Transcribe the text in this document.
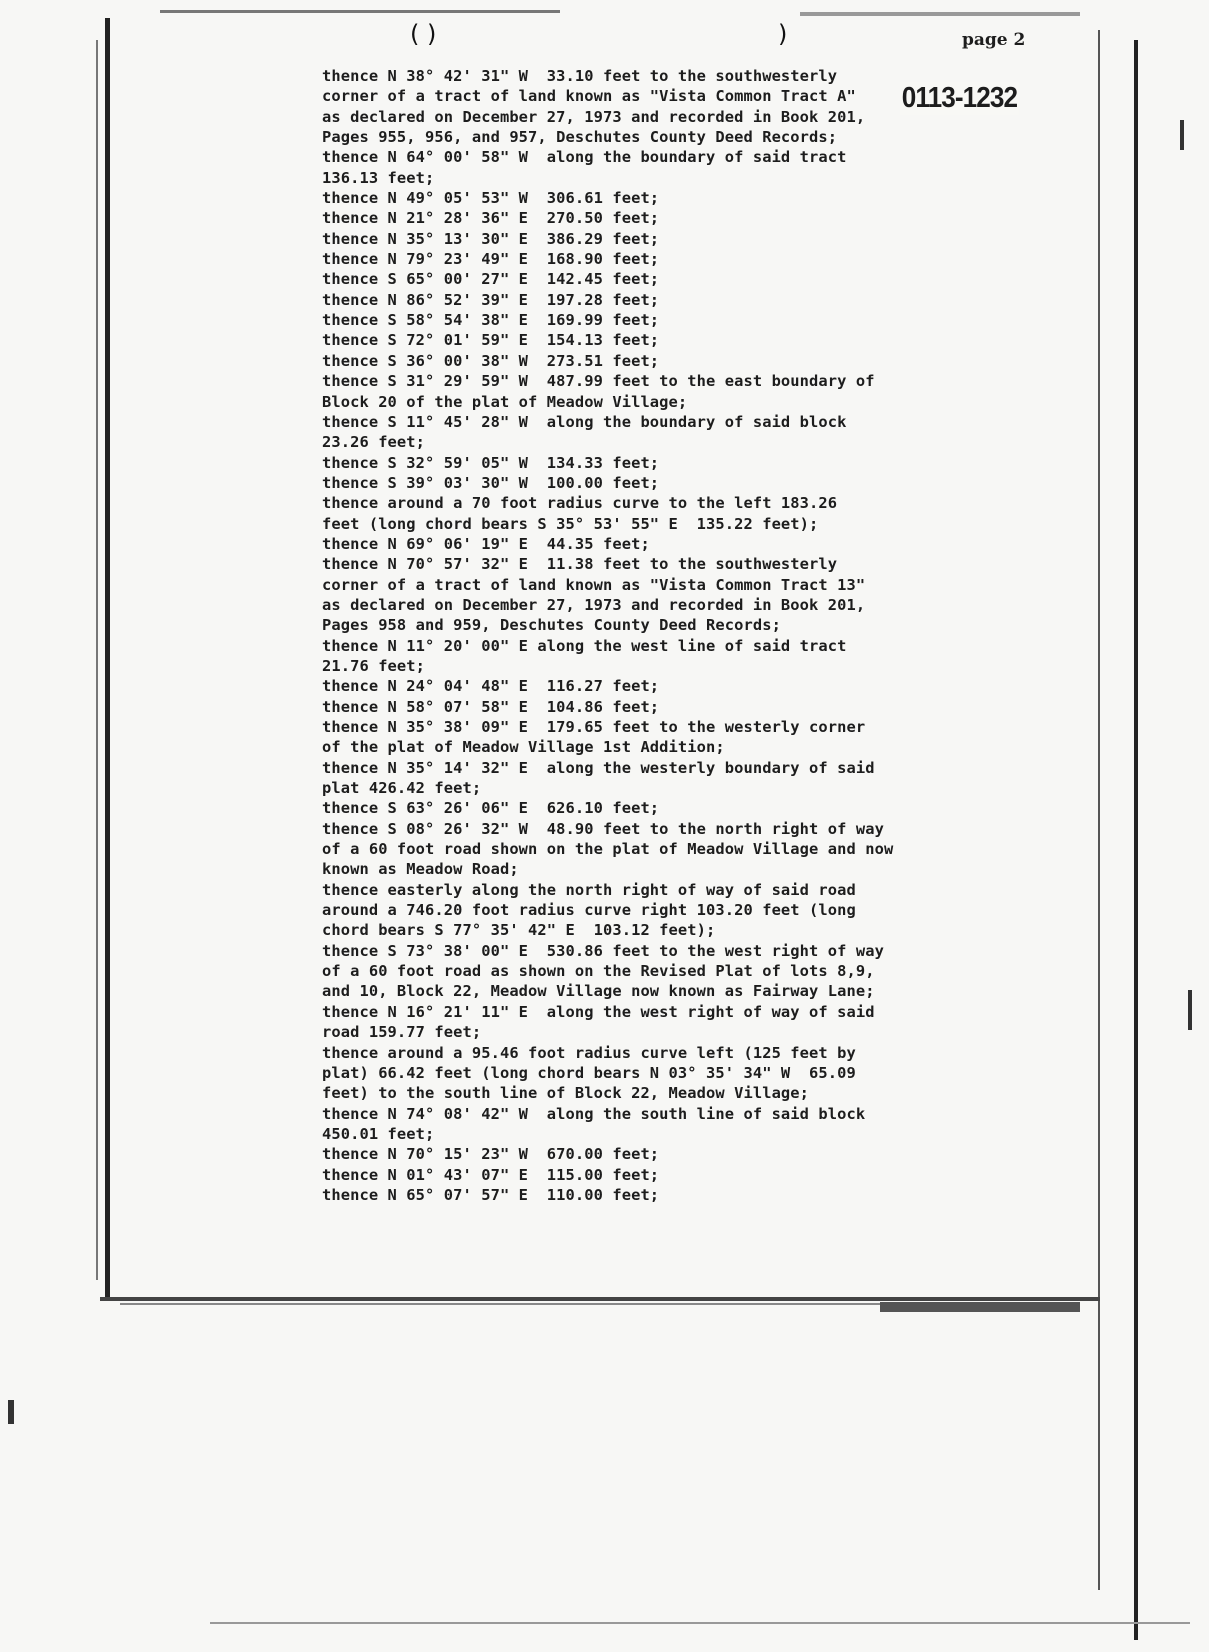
( )	)	page 2
0113-1232
thence N 38° 42' 31" W  33.10 feet to the southwesterly
corner of a tract of land known as "Vista Common Tract A"
as declared on December 27, 1973 and recorded in Book 201,
Pages 955, 956, and 957, Deschutes County Deed Records;
thence N 64° 00' 58" W  along the boundary of said tract
136.13 feet;
thence N 49° 05' 53" W  306.61 feet;
thence N 21° 28' 36" E  270.50 feet;
thence N 35° 13' 30" E  386.29 feet;
thence N 79° 23' 49" E  168.90 feet;
thence S 65° 00' 27" E  142.45 feet;
thence N 86° 52' 39" E  197.28 feet;
thence S 58° 54' 38" E  169.99 feet;
thence S 72° 01' 59" E  154.13 feet;
thence S 36° 00' 38" W  273.51 feet;
thence S 31° 29' 59" W  487.99 feet to the east boundary of
Block 20 of the plat of Meadow Village;
thence S 11° 45' 28" W  along the boundary of said block
23.26 feet;
thence S 32° 59' 05" W  134.33 feet;
thence S 39° 03' 30" W  100.00 feet;
thence around a 70 foot radius curve to the left 183.26
feet (long chord bears S 35° 53' 55" E  135.22 feet);
thence N 69° 06' 19" E  44.35 feet;
thence N 70° 57' 32" E  11.38 feet to the southwesterly
corner of a tract of land known as "Vista Common Tract 13"
as declared on December 27, 1973 and recorded in Book 201,
Pages 958 and 959, Deschutes County Deed Records;
thence N 11° 20' 00" E along the west line of said tract
21.76 feet;
thence N 24° 04' 48" E  116.27 feet;
thence N 58° 07' 58" E  104.86 feet;
thence N 35° 38' 09" E  179.65 feet to the westerly corner
of the plat of Meadow Village 1st Addition;
thence N 35° 14' 32" E  along the westerly boundary of said
plat 426.42 feet;
thence S 63° 26' 06" E  626.10 feet;
thence S 08° 26' 32" W  48.90 feet to the north right of way
of a 60 foot road shown on the plat of Meadow Village and now
known as Meadow Road;
thence easterly along the north right of way of said road
around a 746.20 foot radius curve right 103.20 feet (long
chord bears S 77° 35' 42" E  103.12 feet);
thence S 73° 38' 00" E  530.86 feet to the west right of way
of a 60 foot road as shown on the Revised Plat of lots 8,9,
and 10, Block 22, Meadow Village now known as Fairway Lane;
thence N 16° 21' 11" E  along the west right of way of said
road 159.77 feet;
thence around a 95.46 foot radius curve left (125 feet by
plat) 66.42 feet (long chord bears N 03° 35' 34" W  65.09
feet) to the south line of Block 22, Meadow Village;
thence N 74° 08' 42" W  along the south line of said block
450.01 feet;
thence N 70° 15' 23" W  670.00 feet;
thence N 01° 43' 07" E  115.00 feet;
thence N 65° 07' 57" E  110.00 feet;
